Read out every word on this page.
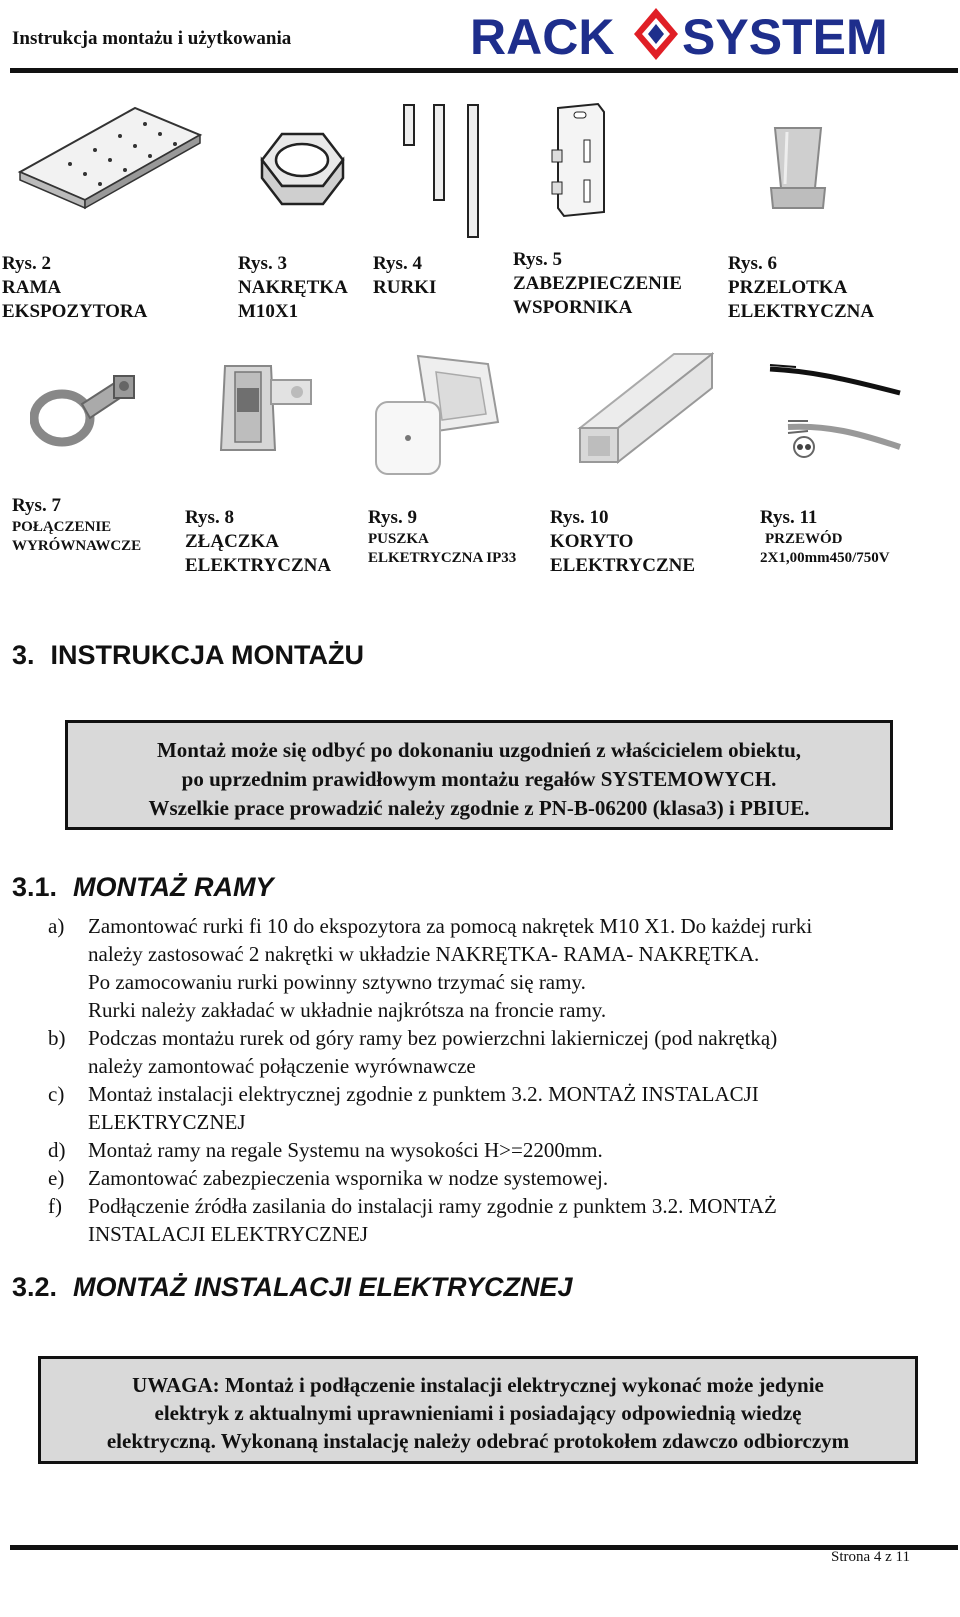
Instrukcja montażu i użytkowania	RACK SYSTEM
Rys. 2
RAMA
EKSPOZYTORA
Rys. 3
NAKRĘTKA
M10X1
Rys. 4
RURKI
Rys. 5
ZABEZPIECZENIE
WSPORNIKA
Rys. 6
PRZELOTKA
ELEKTRYCZNA
Rys. 7
POŁĄCZENIE
WYRÓWNAWCZE
Rys. 8
ZŁĄCZKA
ELEKTRYCZNA
Rys. 9
PUSZKA
ELKETRYCZNA IP33
Rys. 10
KORYTO
ELEKTRYCZNE
Rys. 11
PRZEWÓD
2X1,00mm450/750V
3. INSTRUKCJA MONTAŻU
Montaż może się odbyć po dokonaniu uzgodnień z właścicielem obiektu,
po uprzednim prawidłowym montażu regałów SYSTEMOWYCH.
Wszelkie prace prowadzić należy zgodnie z PN-B-06200 (klasa3) i PBIUE.
3.1. MONTAŻ RAMY
a) Zamontować rurki fi 10 do ekspozytora za pomocą nakrętek M10 X1. Do każdej rurki
należy zastosować 2 nakrętki w układzie NAKRĘTKA- RAMA- NAKRĘTKA.
Po zamocowaniu rurki powinny sztywno trzymać się ramy.
Rurki należy zakładać w układnie najkrótsza na froncie ramy.
b) Podczas montażu rurek od góry ramy bez powierzchni lakierniczej (pod nakrętką)
należy zamontować połączenie wyrównawcze
c) Montaż instalacji elektrycznej zgodnie z punktem 3.2. MONTAŻ INSTALACJI
ELEKTRYCZNEJ
d) Montaż ramy na regale Systemu na wysokości H>=2200mm.
e) Zamontować zabezpieczenia wspornika w nodze systemowej.
f) Podłączenie źródła zasilania do instalacji ramy zgodnie z punktem 3.2. MONTAŻ
INSTALACJI ELEKTRYCZNEJ
3.2. MONTAŻ INSTALACJI ELEKTRYCZNEJ
UWAGA: Montaż i podłączenie instalacji elektrycznej wykonać może jedynie
elektryk z aktualnymi uprawnieniami i posiadający odpowiednią wiedzę
elektryczną. Wykonaną instalację należy odebrać protokołem zdawczo odbiorczym
Strona 4 z 11
